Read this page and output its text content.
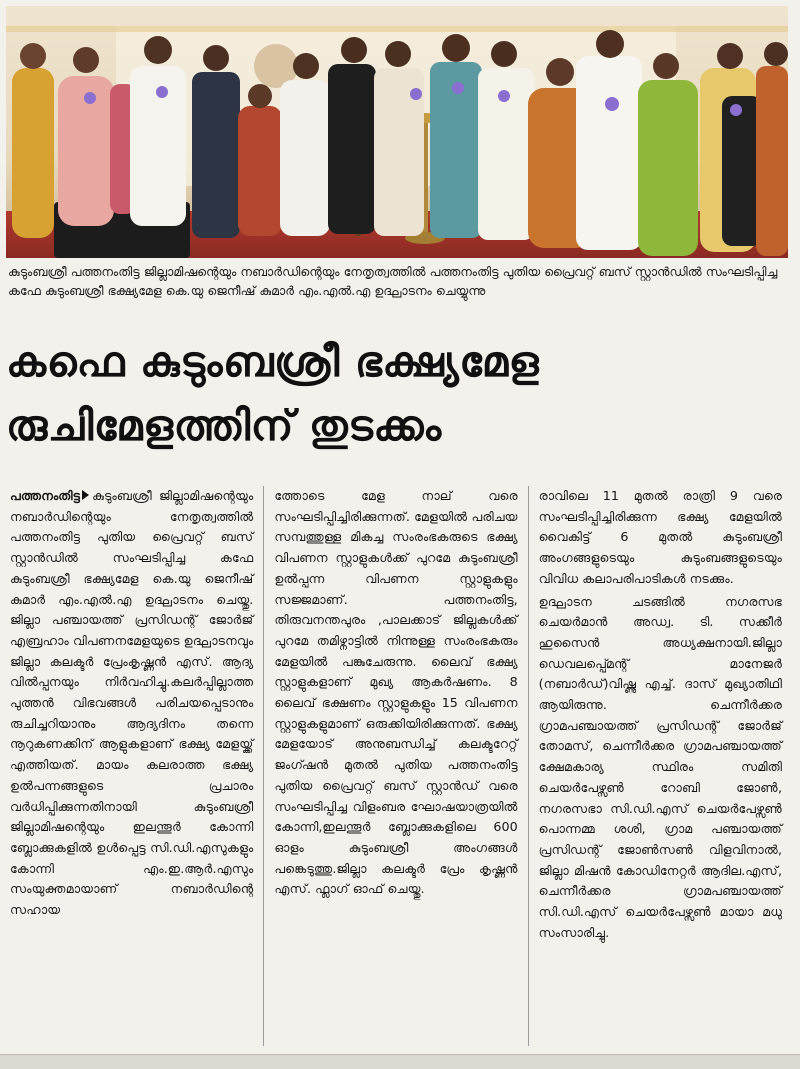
കുടുംബശ്രീ പത്തനംതിട്ട ജില്ലാമിഷന്റെയും നബാർഡിന്റെയും നേതൃത്വത്തിൽ പത്തനംതിട്ട പുതിയ പ്രൈവറ്റ് ബസ് സ്റ്റാൻഡിൽ സംഘടിപ്പിച്ച കഫേ കുടുംബശ്രീ ഭക്ഷ്യമേള കെ.യു ജെനീഷ് കുമാർ എം.എൽ.എ ഉദ്ഘാടനം ചെയ്യുന്നു
കഫെ കുടുംബശ്രീ ഭക്ഷ്യമേള
രുചിമേളത്തിന് തുടക്കം

പത്തനംതിട്ട കുടുംബശ്രീ ജില്ലാമിഷന്റെയും നബാർഡിന്റെയും നേതൃത്വത്തിൽ പത്തനംതിട്ട പുതിയ പ്രൈവറ്റ് ബസ് സ്റ്റാൻഡിൽ സംഘടിപ്പിച്ച കഫേ കുടുംബശ്രീ ഭക്ഷ്യമേള കെ.യു ജെനീഷ് കുമാർ എം.എൽ.എ ഉദ്ഘാടനം ചെയ്തു. ജില്ലാ പഞ്ചായത്ത് പ്രസിഡന്റ് ജോർജ് എബ്രഹാം വിപണനമേളയുടെ ഉദ്ഘാടനവും ജില്ലാ കലക്ടർ പ്രേംകൃഷ്ണൻ എസ്. ആദ്യ വിൽപ്പനയും നിർവഹിച്ചു.കലർപ്പില്ലാത്ത പുത്തൻ വിഭവങ്ങൾ പരിചയപ്പെടാനും രുചിച്ചറിയാനും ആദ്യദിനം തന്നെ നൂറുകണക്കിന് ആളുകളാണ് ഭക്ഷ്യ മേളയ്ക്ക് എത്തിയത്. മായം കലരാത്ത ഭക്ഷ്യ ഉൽപന്നങ്ങളുടെ പ്രചാരം വർധിപ്പിക്കുന്നതിനായി കുടുംബശ്രീ ജില്ലാമിഷന്റെയും ഇലന്തൂർ കോന്നി ബ്ലോക്കുകളിൽ ഉൾപ്പെട്ട സി.ഡി.എസുകളും കോന്നി എം.ഇ.ആർ.എസും സംയുക്തമായാണ് നബാർഡിന്റെ സഹായ

ത്തോടെ മേള നാല് വരെ സംഘടിപ്പിച്ചിരിക്കുന്നത്. മേളയിൽ പരിചയ സമ്പത്തുള്ള മികച്ച സംരംഭകരുടെ ഭക്ഷ്യ വിപണന സ്റ്റാളുകൾക്ക് പുറമേ കുടുംബശ്രീ ഉൽപ്പന്ന വിപണന സ്റ്റാളുകളും സജ്ജമാണ്. പത്തനംതിട്ട, തിരുവനന്തപുരം ,പാലക്കാട് ജില്ലകൾക്ക് പുറമേ തമിഴ്നാട്ടിൽ നിന്നുള്ള സംരംഭകരും മേളയിൽ പങ്കുചേരുന്നു. ലൈവ് ഭക്ഷ്യ സ്റ്റാളുകളാണ് മുഖ്യ ആകർഷണം. 8 ലൈവ് ഭക്ഷണം സ്റ്റാളുകളും 15 വിപണന സ്റ്റാളുകളുമാണ് ഒരുക്കിയിരിക്കുന്നത്. ഭക്ഷ്യ മേളയോട് അനുബന്ധിച്ച് കലക്ടറേറ്റ് ജംഗ്ഷൻ മുതൽ പുതിയ പത്തനംതിട്ട പുതിയ പ്രൈവറ്റ് ബസ് സ്റ്റാൻഡ് വരെ സംഘടിപ്പിച്ച വിളംബര ഘോഷയാത്രയിൽ കോന്നി,ഇലന്തൂർ ബ്ലോക്കുകളിലെ 600 ഓളം കുടുംബശ്രീ അംഗങ്ങൾ പങ്കെടുത്തു.ജില്ലാ കലക്ടർ പ്രേം കൃഷ്ണൻ എസ്. ഫ്ലാഗ് ഓഫ് ചെയ്തു.

രാവിലെ 11 മുതൽ രാത്രി 9 വരെ സംഘടിപ്പിച്ചിരിക്കുന്ന ഭക്ഷ്യ മേളയിൽ വൈകിട്ട് 6 മുതൽ കുടുംബശ്രീ അംഗങ്ങളുടെയും കുടുംബങ്ങളുടെയും വിവിധ കലാപരിപാടികൾ നടക്കും.

ഉദ്ഘാടന ചടങ്ങിൽ നഗരസഭ ചെയർമാൻ അഡ്വ. ടി. സക്കീർ ഹുസൈൻ അധ്യക്ഷനായി.ജില്ലാ ഡെവലപ്പ്മെന്റ് മാനേജർ (നബാർഡ്)വിഷ്ണു എച്ച്. ദാസ് മുഖ്യാതിഥി ആയിരുന്നു. ചെന്നീർക്കര ഗ്രാമപഞ്ചായത്ത് പ്രസിഡന്റ് ജോർജ് തോമസ്, ചെന്നീർക്കര ഗ്രാമപഞ്ചായത്ത് ക്ഷേമകാര്യ സ്ഥിരം സമിതി ചെയർപേഴ്സൺ റോബി ജോൺ, നഗരസഭാ സി.ഡി.എസ് ചെയർപേഴ്സൺ പൊന്നമ്മ ശശി, ഗ്രാമ പഞ്ചായത്ത് പ്രസിഡന്റ് ജോൺസൺ വിളവിനാൽ, ജില്ലാ മിഷൻ കോഡിനേറ്റർ ആദില.എസ്, ചെന്നീർക്കര ഗ്രാമപഞ്ചായത്ത് സി.ഡി.എസ് ചെയർപേഴ്സൺ മായാ മധു സംസാരിച്ചു.
